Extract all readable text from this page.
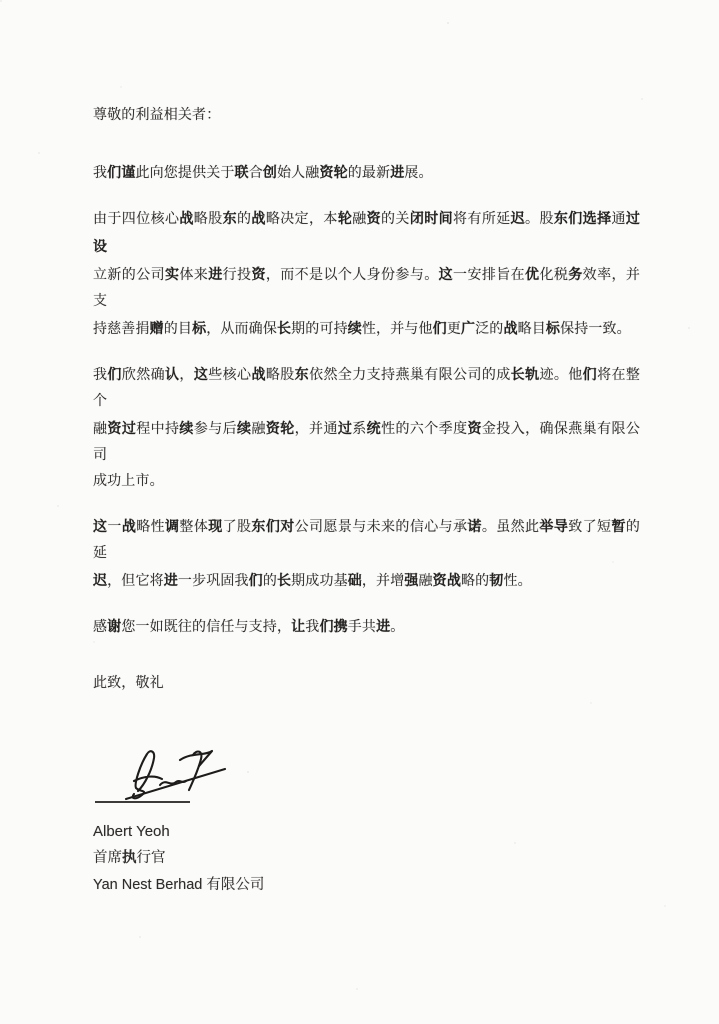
尊敬的利益相关者：

我们谨此向您提供关于联合创始人融资轮的最新进展。

由于四位核心战略股东的战略决定，本轮融资的关闭时间将有所延迟。股东们选择通过设
立新的公司实体来进行投资，而不是以个人身份参与。这一安排旨在优化税务效率，并支
持慈善捐赠的目标，从而确保长期的可持续性，并与他们更广泛的战略目标保持一致。

我们欣然确认，这些核心战略股东依然全力支持燕巢有限公司的成长轨迹。他们将在整个
融资过程中持续参与后续融资轮，并通过系统性的六个季度资金投入，确保燕巢有限公司
成功上市。

这一战略性调整体现了股东们对公司愿景与未来的信心与承诺。虽然此举导致了短暂的延
迟，但它将进一步巩固我们的长期成功基础，并增强融资战略的韧性。

感谢您一如既往的信任与支持，让我们携手共进。

此致，敬礼
Albert Yeoh
首席执行官
Yan Nest Berhad 有限公司
